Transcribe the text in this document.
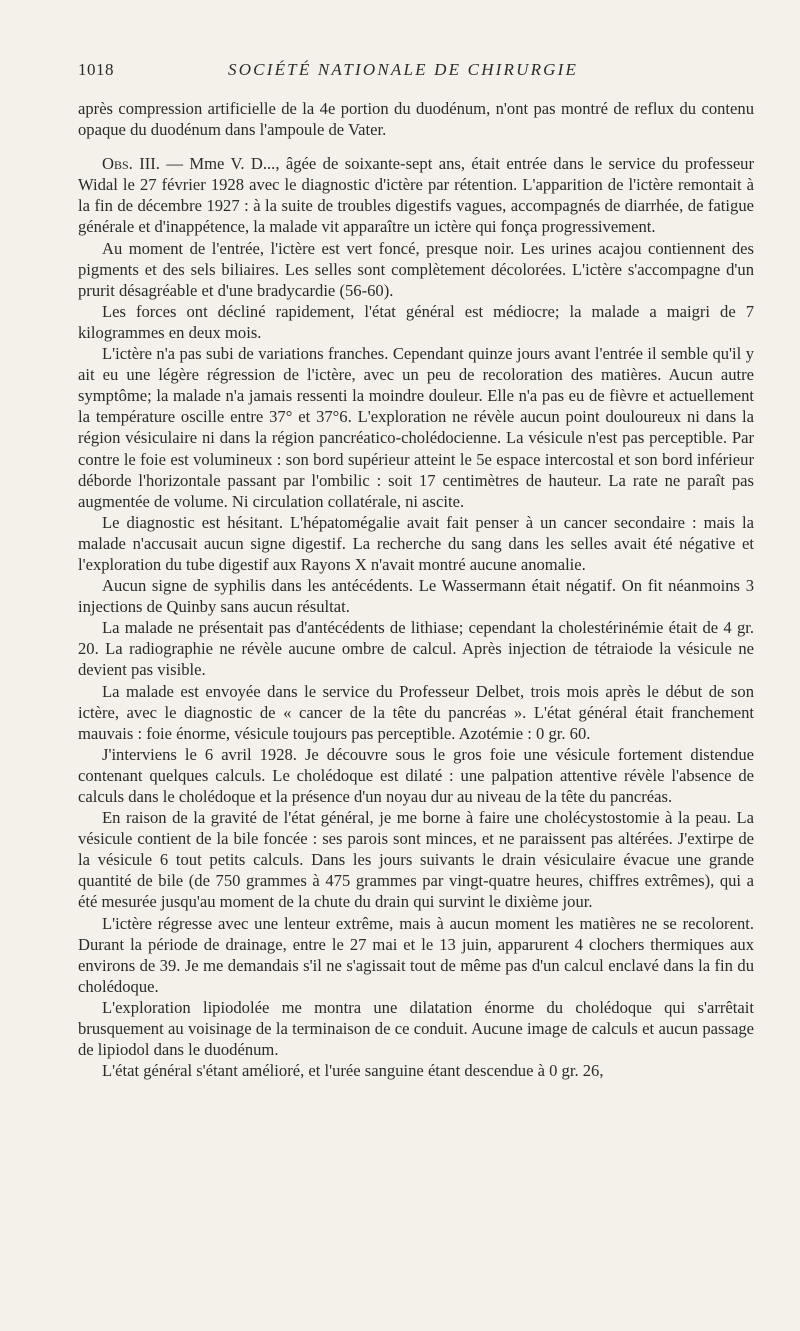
1018	SOCIÉTÉ NATIONALE DE CHIRURGIE

après compression artificielle de la 4e portion du duodénum, n'ont pas montré de reflux du contenu opaque du duodénum dans l'ampoule de Vater.

Obs. III. — Mme V. D..., âgée de soixante-sept ans, était entrée dans le service du professeur Widal le 27 février 1928 avec le diagnostic d'ictère par rétention. L'apparition de l'ictère remontait à la fin de décembre 1927 : à la suite de troubles digestifs vagues, accompagnés de diarrhée, de fatigue générale et d'inappétence, la malade vit apparaître un ictère qui fonça progressivement.

Au moment de l'entrée, l'ictère est vert foncé, presque noir. Les urines acajou contiennent des pigments et des sels biliaires. Les selles sont complètement décolorées. L'ictère s'accompagne d'un prurit désagréable et d'une bradycardie (56-60).

Les forces ont décliné rapidement, l'état général est médiocre; la malade a maigri de 7 kilogrammes en deux mois.

L'ictère n'a pas subi de variations franches. Cependant quinze jours avant l'entrée il semble qu'il y ait eu une légère régression de l'ictère, avec un peu de recoloration des matières. Aucun autre symptôme; la malade n'a jamais ressenti la moindre douleur. Elle n'a pas eu de fièvre et actuellement la température oscille entre 37° et 37°6. L'exploration ne révèle aucun point douloureux ni dans la région vésiculaire ni dans la région pancréatico-cholédocienne. La vésicule n'est pas perceptible. Par contre le foie est volumineux : son bord supérieur atteint le 5e espace intercostal et son bord inférieur déborde l'horizontale passant par l'ombilic : soit 17 centimètres de hauteur. La rate ne paraît pas augmentée de volume. Ni circulation collatérale, ni ascite.

Le diagnostic est hésitant. L'hépatomégalie avait fait penser à un cancer secondaire : mais la malade n'accusait aucun signe digestif. La recherche du sang dans les selles avait été négative et l'exploration du tube digestif aux Rayons X n'avait montré aucune anomalie.

Aucun signe de syphilis dans les antécédents. Le Wassermann était négatif. On fit néanmoins 3 injections de Quinby sans aucun résultat.

La malade ne présentait pas d'antécédents de lithiase; cependant la cholestérinémie était de 4 gr. 20. La radiographie ne révèle aucune ombre de calcul. Après injection de tétraiode la vésicule ne devient pas visible.

La malade est envoyée dans le service du Professeur Delbet, trois mois après le début de son ictère, avec le diagnostic de « cancer de la tête du pancréas ». L'état général était franchement mauvais : foie énorme, vésicule toujours pas perceptible. Azotémie : 0 gr. 60.

J'interviens le 6 avril 1928. Je découvre sous le gros foie une vésicule fortement distendue contenant quelques calculs. Le cholédoque est dilaté : une palpation attentive révèle l'absence de calculs dans le cholédoque et la présence d'un noyau dur au niveau de la tête du pancréas.

En raison de la gravité de l'état général, je me borne à faire une cholécystostomie à la peau. La vésicule contient de la bile foncée : ses parois sont minces, et ne paraissent pas altérées. J'extirpe de la vésicule 6 tout petits calculs. Dans les jours suivants le drain vésiculaire évacue une grande quantité de bile (de 750 grammes à 475 grammes par vingt-quatre heures, chiffres extrêmes), qui a été mesurée jusqu'au moment de la chute du drain qui survint le dixième jour.

L'ictère régresse avec une lenteur extrême, mais à aucun moment les matières ne se recolorent. Durant la période de drainage, entre le 27 mai et le 13 juin, apparurent 4 clochers thermiques aux environs de 39. Je me demandais s'il ne s'agissait tout de même pas d'un calcul enclavé dans la fin du cholédoque.

L'exploration lipiodolée me montra une dilatation énorme du cholédoque qui s'arrêtait brusquement au voisinage de la terminaison de ce conduit. Aucune image de calculs et aucun passage de lipiodol dans le duodénum.

L'état général s'étant amélioré, et l'urée sanguine étant descendue à 0 gr. 26,
